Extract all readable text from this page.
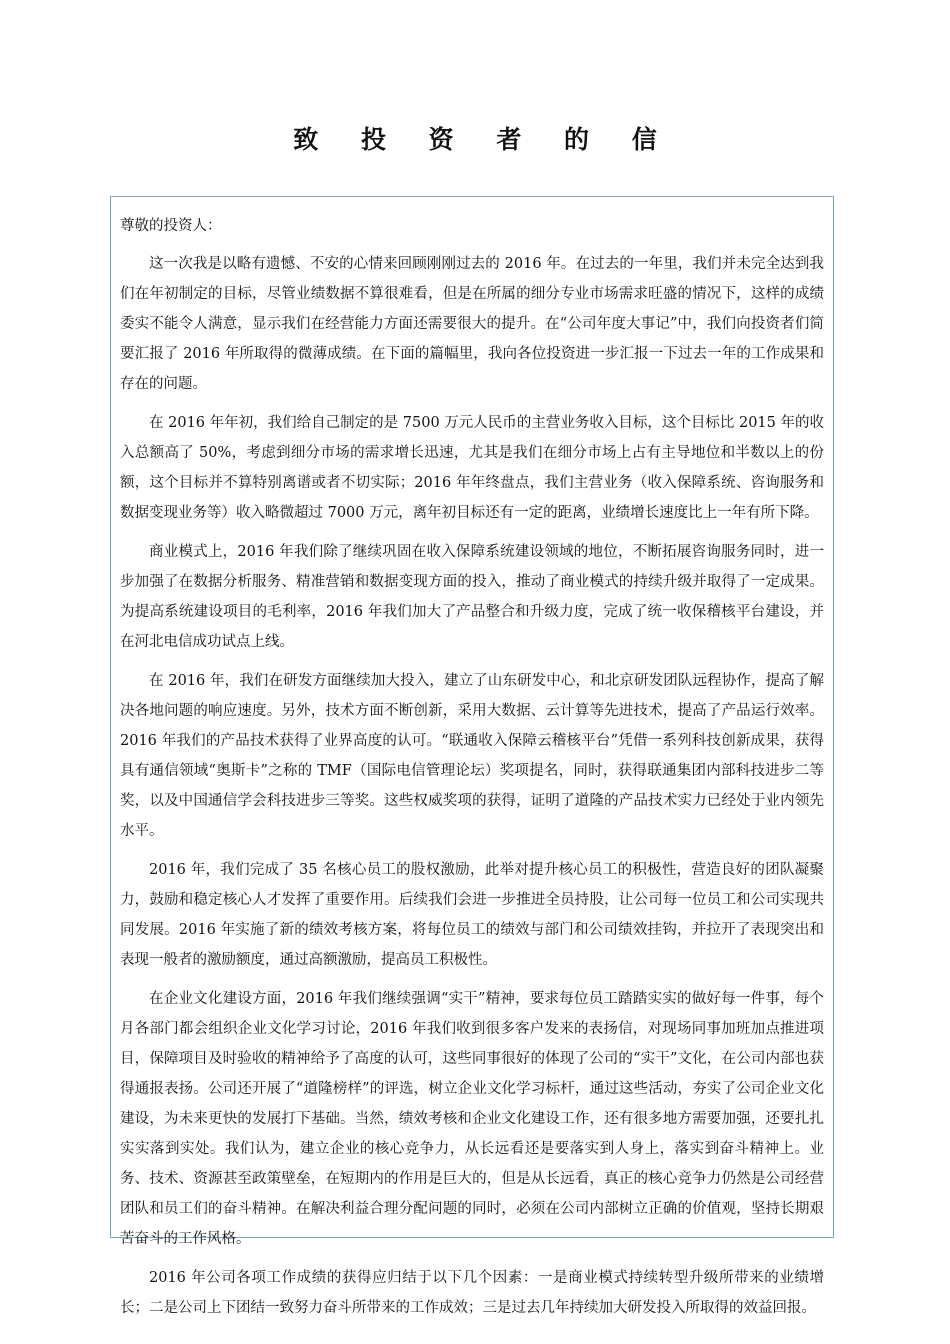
致 投 资 者 的 信

尊敬的投资人：

这一次我是以略有遗憾、不安的心情来回顾刚刚过去的 2016 年。在过去的一年里，我们并未完全达到我们在年初制定的目标，尽管业绩数据不算很难看，但是在所属的细分专业市场需求旺盛的情况下，这样的成绩委实不能令人满意，显示我们在经营能力方面还需要很大的提升。在“公司年度大事记”中，我们向投资者们简要汇报了 2016 年所取得的微薄成绩。在下面的篇幅里，我向各位投资进一步汇报一下过去一年的工作成果和存在的问题。

在 2016 年年初，我们给自己制定的是 7500 万元人民币的主营业务收入目标，这个目标比 2015 年的收入总额高了 50%，考虑到细分市场的需求增长迅速，尤其是我们在细分市场上占有主导地位和半数以上的份额，这个目标并不算特别离谱或者不切实际；2016 年年终盘点，我们主营业务（收入保障系统、咨询服务和数据变现业务等）收入略微超过 7000 万元，离年初目标还有一定的距离，业绩增长速度比上一年有所下降。

商业模式上，2016 年我们除了继续巩固在收入保障系统建设领域的地位，不断拓展咨询服务同时，进一步加强了在数据分析服务、精准营销和数据变现方面的投入，推动了商业模式的持续升级并取得了一定成果。为提高系统建设项目的毛利率，2016 年我们加大了产品整合和升级力度，完成了统一收保稽核平台建设，并在河北电信成功试点上线。

在 2016 年，我们在研发方面继续加大投入，建立了山东研发中心，和北京研发团队远程协作，提高了解决各地问题的响应速度。另外，技术方面不断创新，采用大数据、云计算等先进技术，提高了产品运行效率。2016 年我们的产品技术获得了业界高度的认可。“联通收入保障云稽核平台”凭借一系列科技创新成果，获得具有通信领域“奥斯卡”之称的 TMF（国际电信管理论坛）奖项提名，同时，获得联通集团内部科技进步二等奖，以及中国通信学会科技进步三等奖。这些权威奖项的获得，证明了道隆的产品技术实力已经处于业内领先水平。

2016 年，我们完成了 35 名核心员工的股权激励，此举对提升核心员工的积极性，营造良好的团队凝聚力，鼓励和稳定核心人才发挥了重要作用。后续我们会进一步推进全员持股，让公司每一位员工和公司实现共同发展。2016 年实施了新的绩效考核方案，将每位员工的绩效与部门和公司绩效挂钩，并拉开了表现突出和表现一般者的激励额度，通过高额激励，提高员工积极性。

在企业文化建设方面，2016 年我们继续强调“实干”精神，要求每位员工踏踏实实的做好每一件事，每个月各部门都会组织企业文化学习讨论，2016 年我们收到很多客户发来的表扬信，对现场同事加班加点推进项目，保障项目及时验收的精神给予了高度的认可，这些同事很好的体现了公司的“实干”文化，在公司内部也获得通报表扬。公司还开展了“道隆榜样”的评选，树立企业文化学习标杆，通过这些活动，夯实了公司企业文化建设，为未来更快的发展打下基础。当然，绩效考核和企业文化建设工作，还有很多地方需要加强，还要扎扎实实落到实处。我们认为，建立企业的核心竞争力，从长远看还是要落实到人身上，落实到奋斗精神上。业务、技术、资源甚至政策壁垒，在短期内的作用是巨大的，但是从长远看，真正的核心竞争力仍然是公司经营团队和员工们的奋斗精神。在解决利益合理分配问题的同时，必须在公司内部树立正确的价值观，坚持长期艰苦奋斗的工作风格。

2016 年公司各项工作成绩的获得应归结于以下几个因素：一是商业模式持续转型升级所带来的业绩增长；二是公司上下团结一致努力奋斗所带来的工作成效；三是过去几年持续加大研发投入所取得的效益回报。
